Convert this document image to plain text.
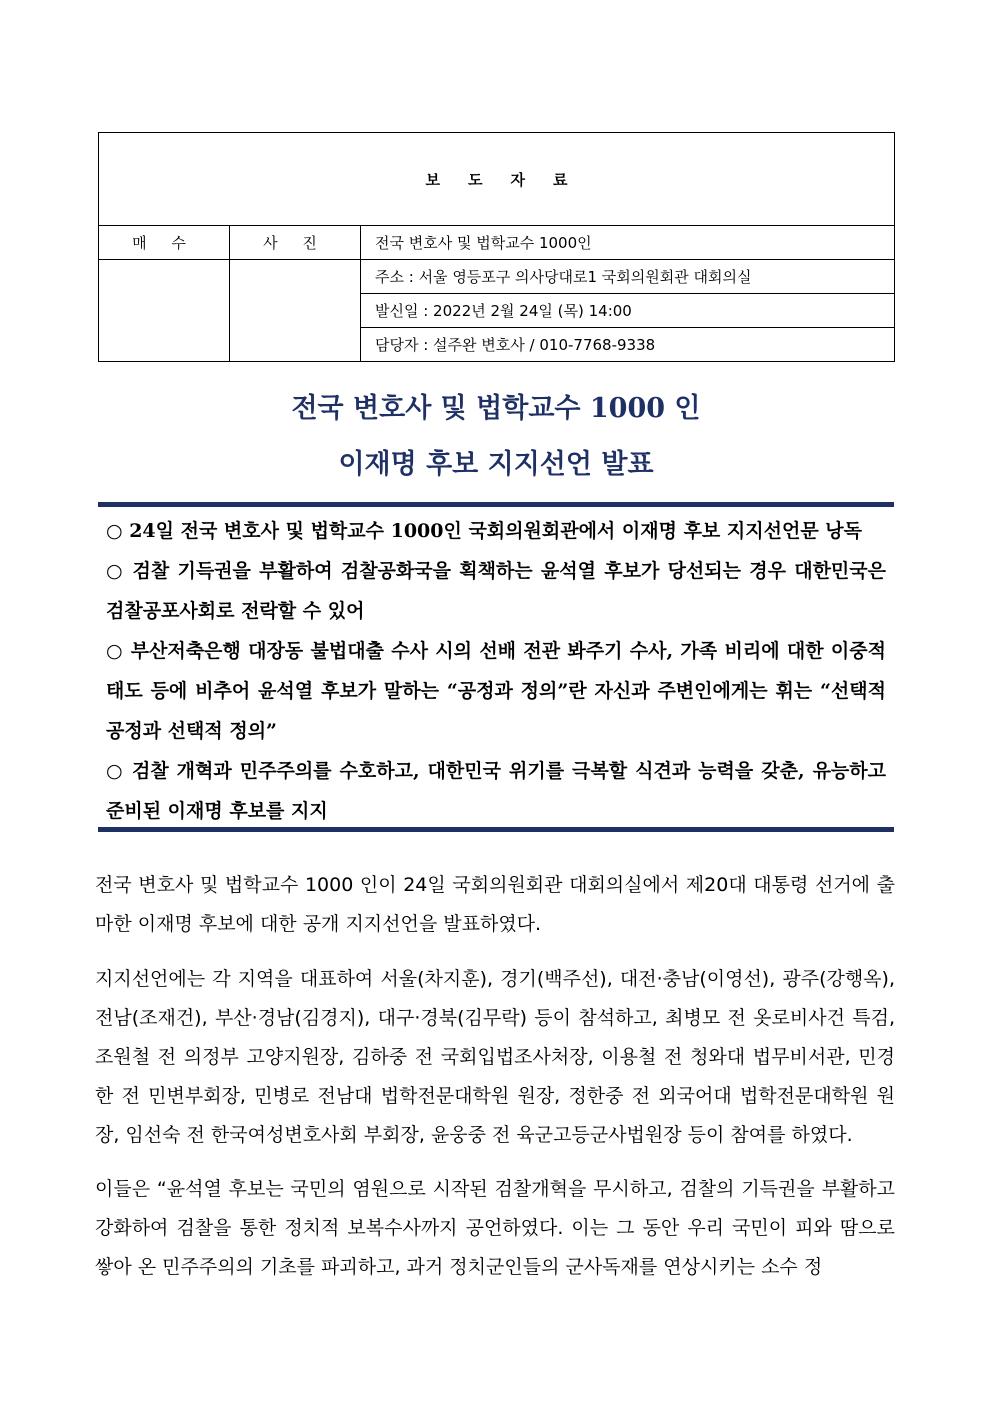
보도자료		
매 수	사 진	전국 변호사 및 법학교수 1000인
		주소 : 서울 영등포구 의사당대로1 국회의원회관 대회의실
		발신일 : 2022년 2월 24일 (목) 14:00
		담당자 : 설주완 변호사 / 010-7768-9338
전국 변호사 및 법학교수 1000 인
이재명 후보 지지선언 발표

○ 24일 전국 변호사 및 법학교수 1000인 국회의원회관에서 이재명 후보 지지선언문 낭독

○ 검찰 기득권을 부활하여 검찰공화국을 획책하는 윤석열 후보가 당선되는 경우 대한민국은 검찰공포사회로 전락할 수 있어

○ 부산저축은행 대장동 불법대출 수사 시의 선배 전관 봐주기 수사, 가족 비리에 대한 이중적 태도 등에 비추어 윤석열 후보가 말하는 “공정과 정의”란 자신과 주변인에게는 휘는 “선택적 공정과 선택적 정의”

○ 검찰 개혁과 민주주의를 수호하고, 대한민국 위기를 극복할 식견과 능력을 갖춘, 유능하고 준비된 이재명 후보를 지지

전국 변호사 및 법학교수 1000 인이 24일 국회의원회관 대회의실에서 제20대 대통령 선거에 출마한 이재명 후보에 대한 공개 지지선언을 발표하였다.

지지선언에는 각 지역을 대표하여 서울(차지훈), 경기(백주선), 대전·충남(이영선), 광주(강행옥), 전남(조재건), 부산·경남(김경지), 대구·경북(김무락) 등이 참석하고, 최병모 전 옷로비사건 특검, 조원철 전 의정부 고양지원장, 김하중 전 국회입법조사처장, 이용철 전 청와대 법무비서관, 민경한 전 민변부회장, 민병로 전남대 법학전문대학원 원장, 정한중 전 외국어대 법학전문대학원 원장, 임선숙 전 한국여성변호사회 부회장, 윤웅중 전 육군고등군사법원장 등이 참여를 하였다.

이들은 “윤석열 후보는 국민의 염원으로 시작된 검찰개혁을 무시하고, 검찰의 기득권을 부활하고 강화하여 검찰을 통한 정치적 보복수사까지 공언하였다. 이는 그 동안 우리 국민이 피와 땀으로 쌓아 온 민주주의의 기초를 파괴하고, 과거 정치군인들의 군사독재를 연상시키는 소수 정
